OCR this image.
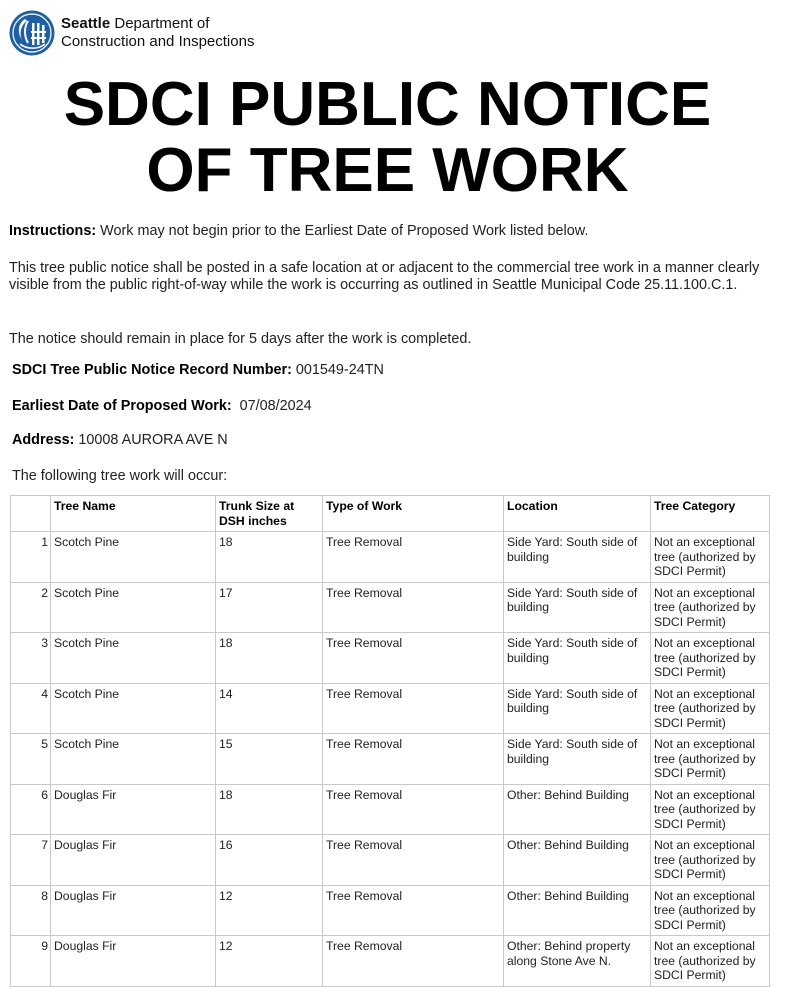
Seattle Department of
Construction and Inspections
SDCI PUBLIC NOTICE
OF TREE WORK
Instructions: Work may not begin prior to the Earliest Date of Proposed Work listed below.
This tree public notice shall be posted in a safe location at or adjacent to the commercial tree work in a manner clearly visible from the public right-of-way while the work is occurring as outlined in Seattle Municipal Code 25.11.100.C.1.
The notice should remain in place for 5 days after the work is completed.
SDCI Tree Public Notice Record Number: 001549-24TN
Earliest Date of Proposed Work:  07/08/2024
Address: 10008 AURORA AVE N
The following tree work will occur:
	Tree Name	Trunk Size at DSH inches	Type of Work	Location	Tree Category
1	Scotch Pine	18	Tree Removal	Side Yard: South side of building	Not an exceptional tree (authorized by SDCI Permit)
2	Scotch Pine	17	Tree Removal	Side Yard: South side of building	Not an exceptional tree (authorized by SDCI Permit)
3	Scotch Pine	18	Tree Removal	Side Yard: South side of building	Not an exceptional tree (authorized by SDCI Permit)
4	Scotch Pine	14	Tree Removal	Side Yard: South side of building	Not an exceptional tree (authorized by SDCI Permit)
5	Scotch Pine	15	Tree Removal	Side Yard: South side of building	Not an exceptional tree (authorized by SDCI Permit)
6	Douglas Fir	18	Tree Removal	Other: Behind Building	Not an exceptional tree (authorized by SDCI Permit)
7	Douglas Fir	16	Tree Removal	Other: Behind Building	Not an exceptional tree (authorized by SDCI Permit)
8	Douglas Fir	12	Tree Removal	Other: Behind Building	Not an exceptional tree (authorized by SDCI Permit)
9	Douglas Fir	12	Tree Removal	Other: Behind property along Stone Ave N.	Not an exceptional tree (authorized by SDCI Permit)
